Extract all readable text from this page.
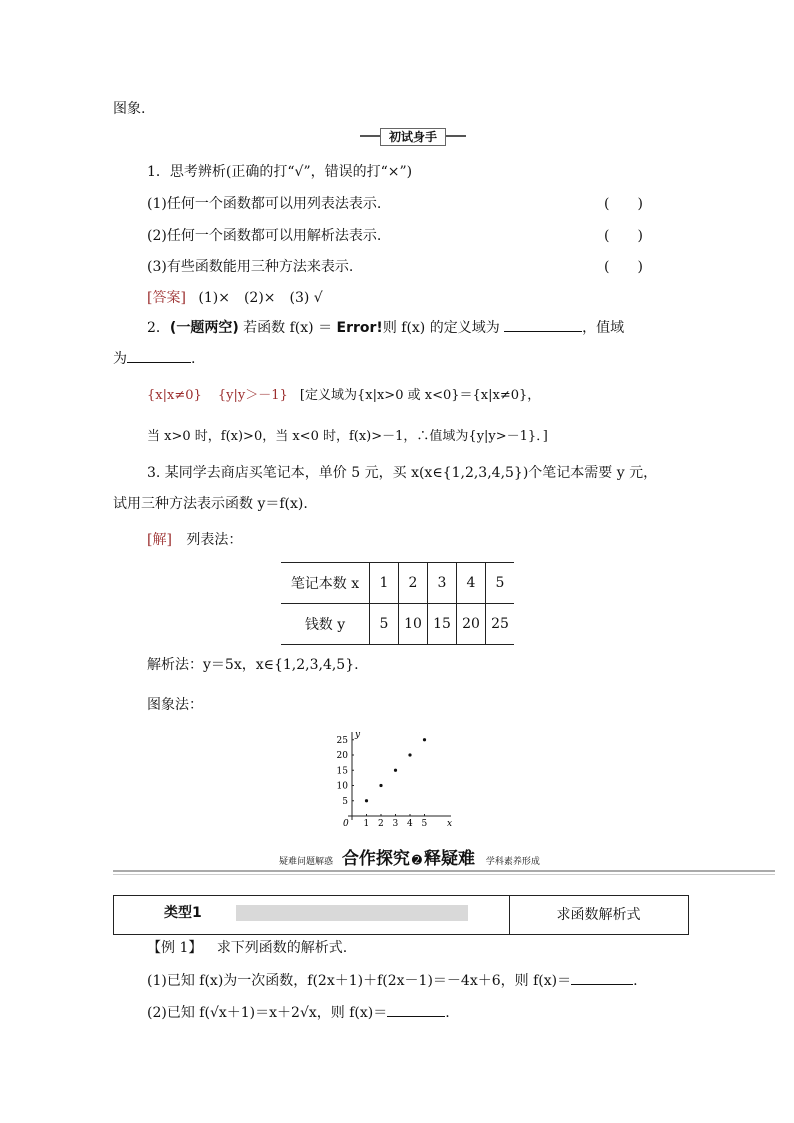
图象.
初试身手
1．思考辨析(正确的打“√”，错误的打“×”)
(1)任何一个函数都可以用列表法表示.	(　　)
(2)任何一个函数都可以用解析法表示.	(　　)
(3)有些函数能用三种方法来表示.	(　　)
[答案] (1)×　(2)×　(3) √
2．(一题两空) 若函数 f(x) ＝ Error!则 f(x) 的定义域为	，值域
为	.
{x|x≠0} {y|y＞－1} [定义域为{x|x>0 或 x<0}＝{x|x≠0}，
当 x>0 时，f(x)>0，当 x<0 时，f(x)>－1，∴值域为{y|y>－1}．]
3. 某同学去商店买笔记本，单价 5 元，买 x(x∈{1,2,3,4,5})个笔记本需要 y 元，
试用三种方法表示函数 y＝f(x).
[解] 列表法：
笔记本数 x	1	2	3	4	5
钱数 y	5	10	15	20	25
解析法：y＝5x，x∈{1,2,3,4,5}.
图象法：
0	x
y
1 2 3 4 5
5
10
15
20
25
疑难问题解惑 合作探究 ➋ 释疑难 学科素养形成
类型1	求函数解析式
【例 1】 求下列函数的解析式.
(1)已知 f(x)为一次函数，f(2x＋1)＋f(2x－1)＝－4x＋6，则 f(x)＝	.
(2)已知 f(√x＋1)＝x＋2√x，则 f(x)＝	.
